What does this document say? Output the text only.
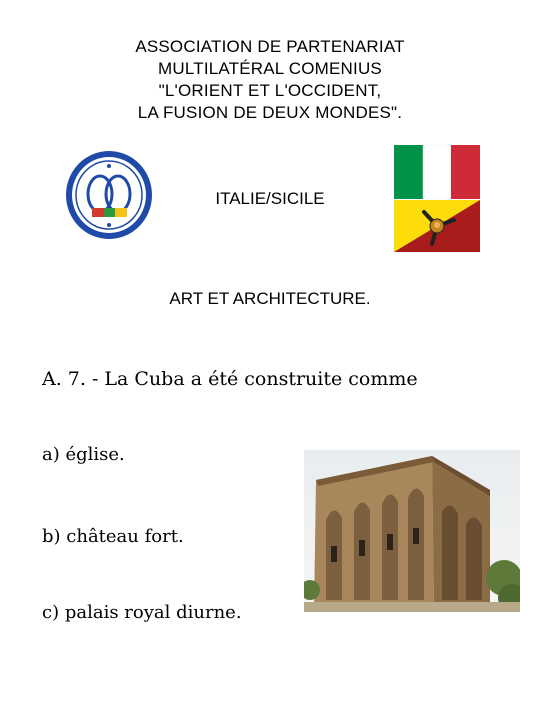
ASSOCIATION DE PARTENARIAT
MULTILATÉRAL COMENIUS
"L'ORIENT ET L'OCCIDENT,
LA FUSION DE DEUX MONDES".
ITALIE/SICILE
ART ET ARCHITECTURE.
A. 7. - La Cuba a été construite comme
a) église.
b) château fort.
c) palais royal diurne.
